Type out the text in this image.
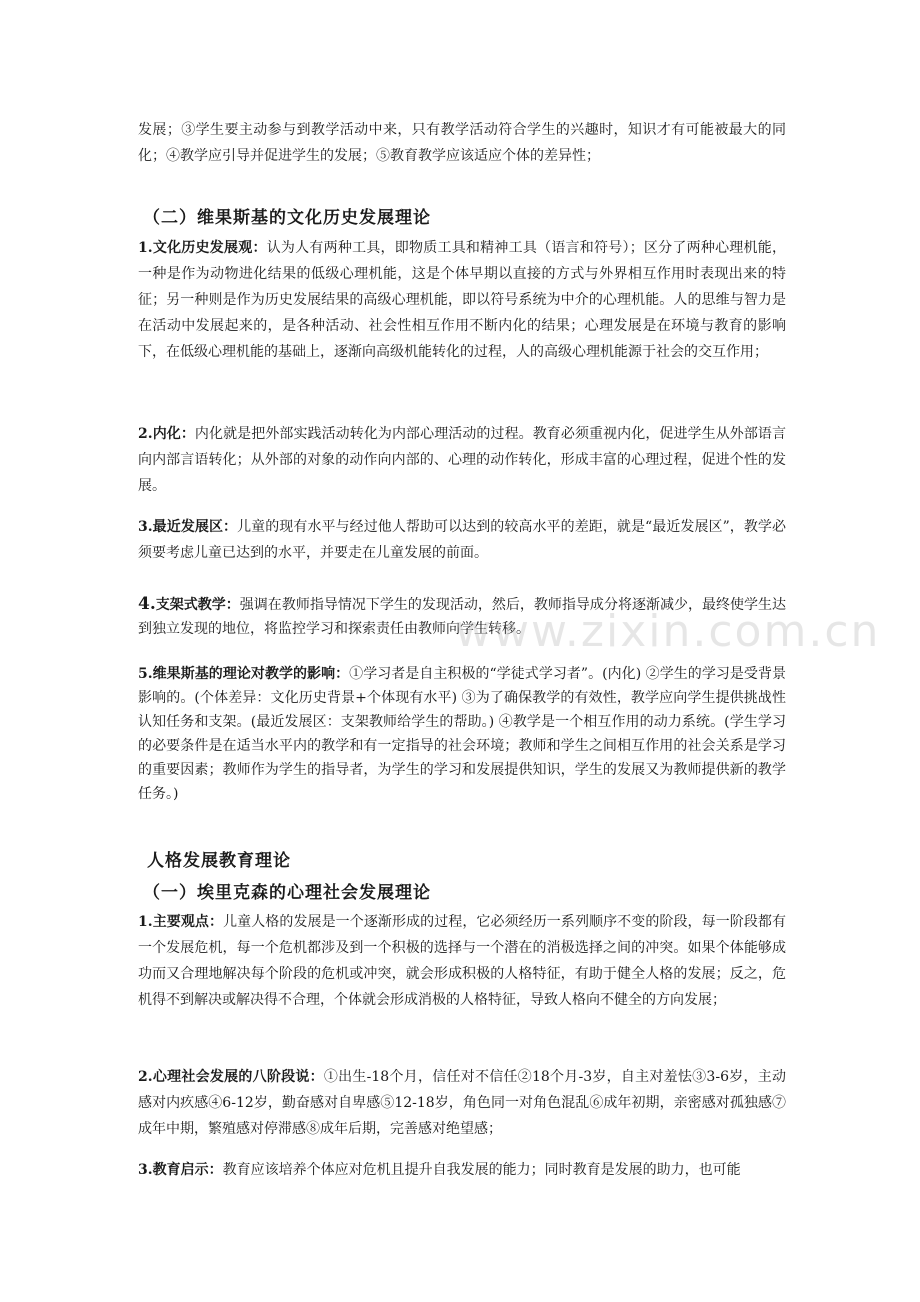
发展；③学生要主动参与到教学活动中来，只有教学活动符合学生的兴趣时，知识才有可能被最大的同化；④教学应引导并促进学生的发展；⑤教育教学应该适应个体的差异性；

（二）维果斯基的文化历史发展理论

1.文化历史发展观：认为人有两种工具，即物质工具和精神工具（语言和符号）；区分了两种心理机能，一种是作为动物进化结果的低级心理机能，这是个体早期以直接的方式与外界相互作用时表现出来的特征；另一种则是作为历史发展结果的高级心理机能，即以符号系统为中介的心理机能。人的思维与智力是在活动中发展起来的，是各种活动、社会性相互作用不断内化的结果；心理发展是在环境与教育的影响下，在低级心理机能的基础上，逐渐向高级机能转化的过程，人的高级心理机能源于社会的交互作用；

2.内化：内化就是把外部实践活动转化为内部心理活动的过程。教育必须重视内化，促进学生从外部语言向内部言语转化；从外部的对象的动作向内部的、心理的动作转化，形成丰富的心理过程，促进个性的发展。

3.最近发展区：儿童的现有水平与经过他人帮助可以达到的较高水平的差距，就是“最近发展区”，教学必须要考虑儿童已达到的水平，并要走在儿童发展的前面。

4.支架式教学：强调在教师指导情况下学生的发现活动，然后，教师指导成分将逐渐减少，最终使学生达到独立发现的地位，将监控学习和探索责任由教师向学生转移。

5.维果斯基的理论对教学的影响：①学习者是自主积极的“学徒式学习者”。(内化) ②学生的学习是受背景影响的。(个体差异：文化历史背景+个体现有水平) ③为了确保教学的有效性，教学应向学生提供挑战性认知任务和支架。(最近发展区：支架教师给学生的帮助。) ④教学是一个相互作用的动力系统。(学生学习的必要条件是在适当水平内的教学和有一定指导的社会环境；教师和学生之间相互作用的社会关系是学习的重要因素；教师作为学生的指导者，为学生的学习和发展提供知识，学生的发展又为教师提供新的教学任务。)

人格发展教育理论
（一）埃里克森的心理社会发展理论

1.主要观点：儿童人格的发展是一个逐渐形成的过程，它必须经历一系列顺序不变的阶段，每一阶段都有一个发展危机，每一个危机都涉及到一个积极的选择与一个潜在的消极选择之间的冲突。如果个体能够成功而又合理地解决每个阶段的危机或冲突，就会形成积极的人格特征，有助于健全人格的发展；反之，危机得不到解决或解决得不合理，个体就会形成消极的人格特征，导致人格向不健全的方向发展；

2.心理社会发展的八阶段说：①出生-18个月，信任对不信任②18个月-3岁，自主对羞怯③3-6岁，主动感对内疚感④6-12岁，勤奋感对自卑感⑤12-18岁，角色同一对角色混乱⑥成年初期，亲密感对孤独感⑦成年中期，繁殖感对停滞感⑧成年后期，完善感对绝望感；

3.教育启示：教育应该培养个体应对危机且提升自我发展的能力；同时教育是发展的助力，也可能

www.zixin.com.cn
